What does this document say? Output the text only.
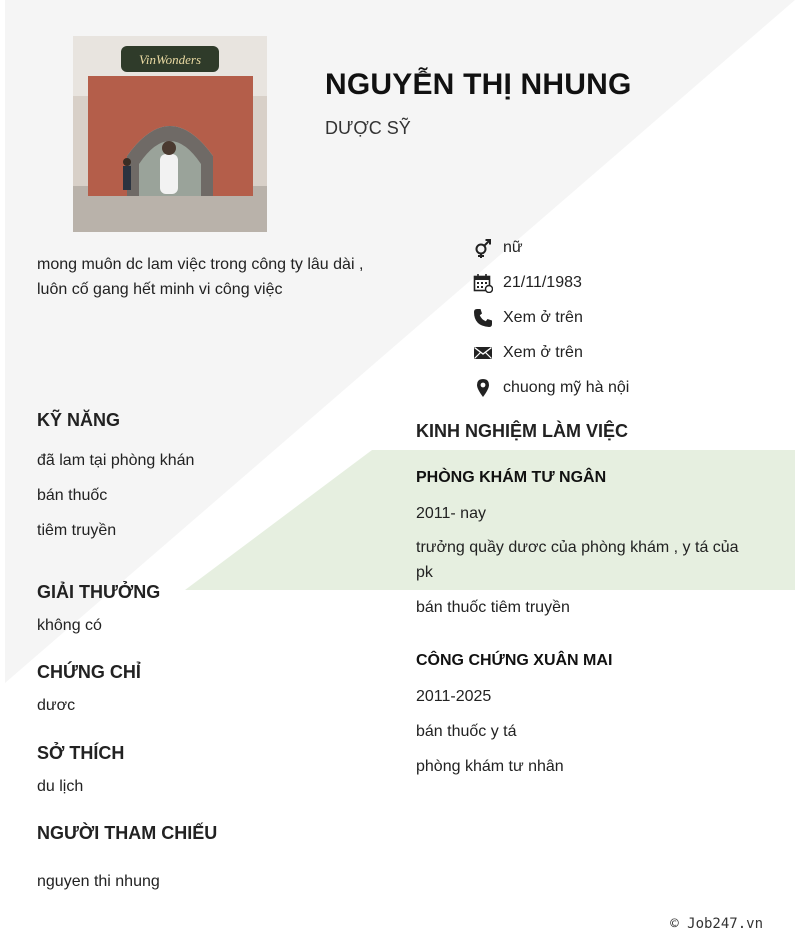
VinWonders
NGUYỄN THỊ NHUNG
DƯỢC SỸ
mong muôn dc lam việc trong công ty lâu dài ,
luôn cố gang hết minh vi công việc
nữ
21/11/1983
Xem ở trên
Xem ở trên
chuong mỹ hà nội
KỸ NĂNG
đã lam tại phòng khán
bán thuốc
tiêm truyền
GIẢI THƯỞNG
không có
CHỨNG CHỈ
dươc
SỞ THÍCH
du lịch
NGƯỜI THAM CHIẾU
nguyen thi nhung
KINH NGHIỆM LÀM VIỆC
PHÒNG KHÁM TƯ NGÂN
2011- nay
trưởng quầy dươc của phòng khám , y tá của
pk
bán thuốc tiêm truyền
CÔNG CHỨNG XUÂN MAI
2011-2025
bán thuốc y tá
phòng khám tư nhân
© Job247.vn
